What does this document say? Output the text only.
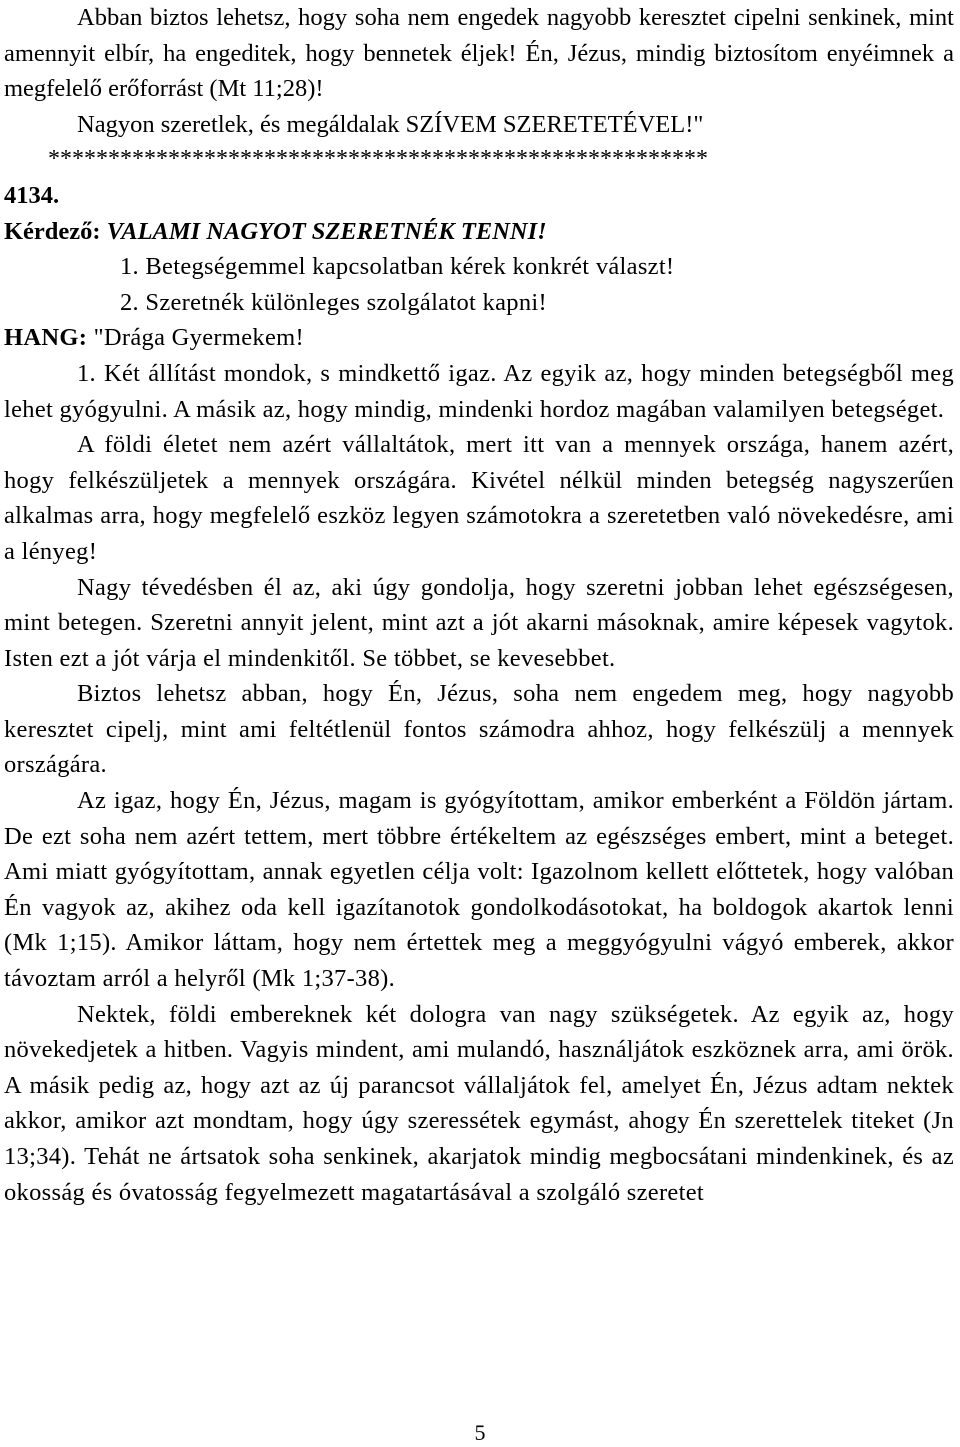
Abban biztos lehetsz, hogy soha nem engedek nagyobb keresztet cipelni senkinek, mint amennyit elbír, ha engeditek, hogy bennetek éljek! Én, Jézus, mindig biztosítom enyéimnek a megfelelő erőforrást (Mt 11;28)!

Nagyon szeretlek, és megáldalak SZÍVEM SZERETETÉVEL!"

*******************************************************

4134.

Kérdező: VALAMI NAGYOT SZERETNÉK TENNI!

1. Betegségemmel kapcsolatban kérek konkrét választ!

2. Szeretnék különleges szolgálatot kapni!

HANG: "Drága Gyermekem!

1. Két állítást mondok, s mindkettő igaz. Az egyik az, hogy minden betegségből meg lehet gyógyulni. A másik az, hogy mindig, mindenki hordoz magában valamilyen betegséget.

A földi életet nem azért vállaltátok, mert itt van a mennyek országa, hanem azért, hogy felkészüljetek a mennyek országára. Kivétel nélkül minden betegség nagyszerűen alkalmas arra, hogy megfelelő eszköz legyen számotokra a szeretetben való növekedésre, ami a lényeg!

Nagy tévedésben él az, aki úgy gondolja, hogy szeretni jobban lehet egészségesen, mint betegen. Szeretni annyit jelent, mint azt a jót akarni másoknak, amire képesek vagytok. Isten ezt a jót várja el mindenkitől. Se többet, se kevesebbet.

Biztos lehetsz abban, hogy Én, Jézus, soha nem engedem meg, hogy nagyobb keresztet cipelj, mint ami feltétlenül fontos számodra ahhoz, hogy felkészülj a mennyek országára.

Az igaz, hogy Én, Jézus, magam is gyógyítottam, amikor emberként a Földön jártam. De ezt soha nem azért tettem, mert többre értékeltem az egészséges embert, mint a beteget. Ami miatt gyógyítottam, annak egyetlen célja volt: Igazolnom kellett előttetek, hogy valóban Én vagyok az, akihez oda kell igazítanotok gondolkodásotokat, ha boldogok akartok lenni (Mk 1;15). Amikor láttam, hogy nem értettek meg a meggyógyulni vágyó emberek, akkor távoztam arról a helyről (Mk 1;37-38).

Nektek, földi embereknek két dologra van nagy szükségetek. Az egyik az, hogy növekedjetek a hitben. Vagyis mindent, ami mulandó, használjátok eszköznek arra, ami örök. A másik pedig az, hogy azt az új parancsot vállaljátok fel, amelyet Én, Jézus adtam nektek akkor, amikor azt mondtam, hogy úgy szeressétek egymást, ahogy Én szerettelek titeket (Jn 13;34). Tehát ne ártsatok soha senkinek, akarjatok mindig megbocsátani mindenkinek, és az okosság és óvatosság fegyelmezett magatartásával a szolgáló szeretet

5
